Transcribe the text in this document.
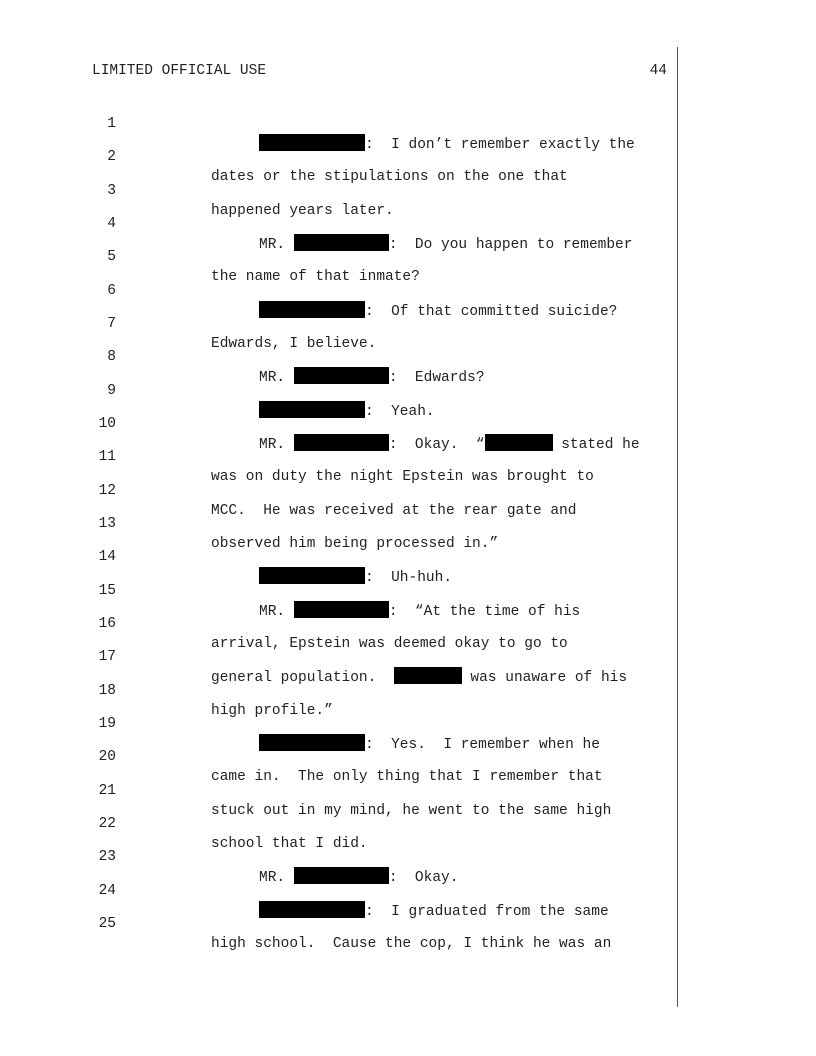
LIMITED OFFICIAL USE	44

1

:  I don’t remember exactly the

2

dates or the stipulations on the one that

3

happened years later.

4

MR.	:  Do you happen to remember

5

the name of that inmate?

6

:  Of that committed suicide?

7

Edwards, I believe.

8

MR.	:  Edwards?

9

:  Yeah.

10

MR.	:  Okay.  “	stated he

11

was on duty the night Epstein was brought to

12

MCC.  He was received at the rear gate and

13

observed him being processed in.”

14

:  Uh-huh.

15

MR.	:  “At the time of his

16

arrival, Epstein was deemed okay to go to

17

general population.	was unaware of his

18

high profile.”

19

:  Yes.  I remember when he

20

came in.  The only thing that I remember that

21

stuck out in my mind, he went to the same high

22

school that I did.

23

MR.	:  Okay.

24

:  I graduated from the same

25

high school.  Cause the cop, I think he was an
